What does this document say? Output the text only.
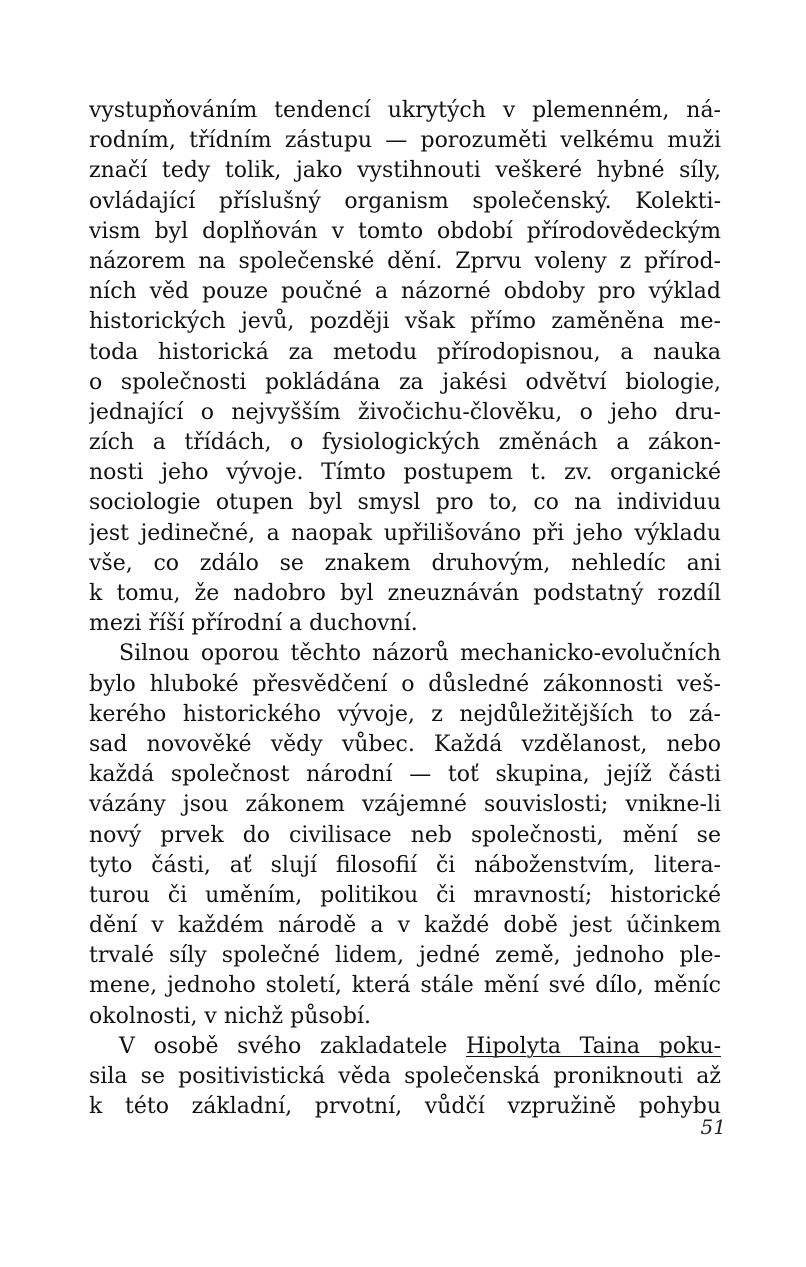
vystupňováním tendencí ukrytých v plemenném, ná-
rodním, třídním zástupu — porozuměti velkému muži
značí tedy tolik, jako vystihnouti veškeré hybné síly,
ovládající příslušný organism společenský. Kolekti-
vism byl doplňován v tomto období přírodovědeckým
názorem na společenské dění. Zprvu voleny z přírod-
ních věd pouze poučné a názorné obdoby pro výklad
historických jevů, později však přímo zaměněna me-
toda historická za metodu přírodopisnou, a nauka
o společnosti pokládána za jakési odvětví biologie,
jednající o nejvyšším živočichu-člověku, o jeho dru-
zích a třídách, o fysiologických změnách a zákon-
nosti jeho vývoje. Tímto postupem t. zv. organické
sociologie otupen byl smysl pro to, co na individuu
jest jedinečné, a naopak upřilišováno při jeho výkladu
vše, co zdálo se znakem druhovým, nehledíc ani
k tomu, že nadobro byl zneuznáván podstatný rozdíl
mezi říší přírodní a duchovní.
Silnou oporou těchto názorů mechanicko-evolučních
bylo hluboké přesvědčení o důsledné zákonnosti veš-
kerého historického vývoje, z nejdůležitějších to zá-
sad novověké vědy vůbec. Každá vzdělanost, nebo
každá společnost národní — toť skupina, jejíž části
vázány jsou zákonem vzájemné souvislosti; vnikne-li
nový prvek do civilisace neb společnosti, mění se
tyto části, ať slují filosofií či náboženstvím, litera-
turou či uměním, politikou či mravností; historické
dění v každém národě a v každé době jest účinkem
trvalé síly společné lidem, jedné země, jednoho ple-
mene, jednoho století, která stále mění své dílo, měníc
okolnosti, v nichž působí.
V osobě svého zakladatele Hipolyta Taina poku-
sila se positivistická věda společenská proniknouti až
k této základní, prvotní, vůdčí vzpružině pohybu
51
